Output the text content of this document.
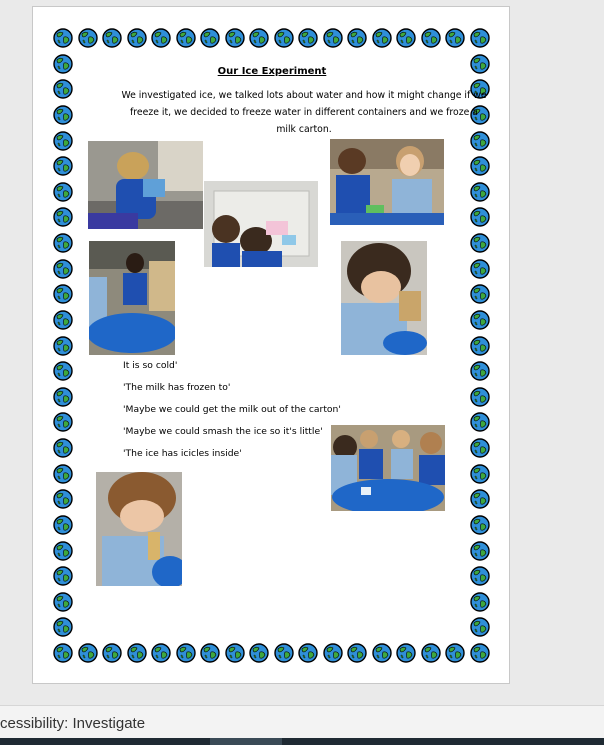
Our Ice Experiment
We investigated ice, we talked lots about water and how it might change if we freeze it, we decided to freeze water in different containers and we froze a milk carton.
It is so cold'
'The milk has frozen to'
'Maybe we could get the milk out of the carton'
'Maybe we could smash the ice so it's little'
'The ice has icicles inside'
cessibility: Investigate
